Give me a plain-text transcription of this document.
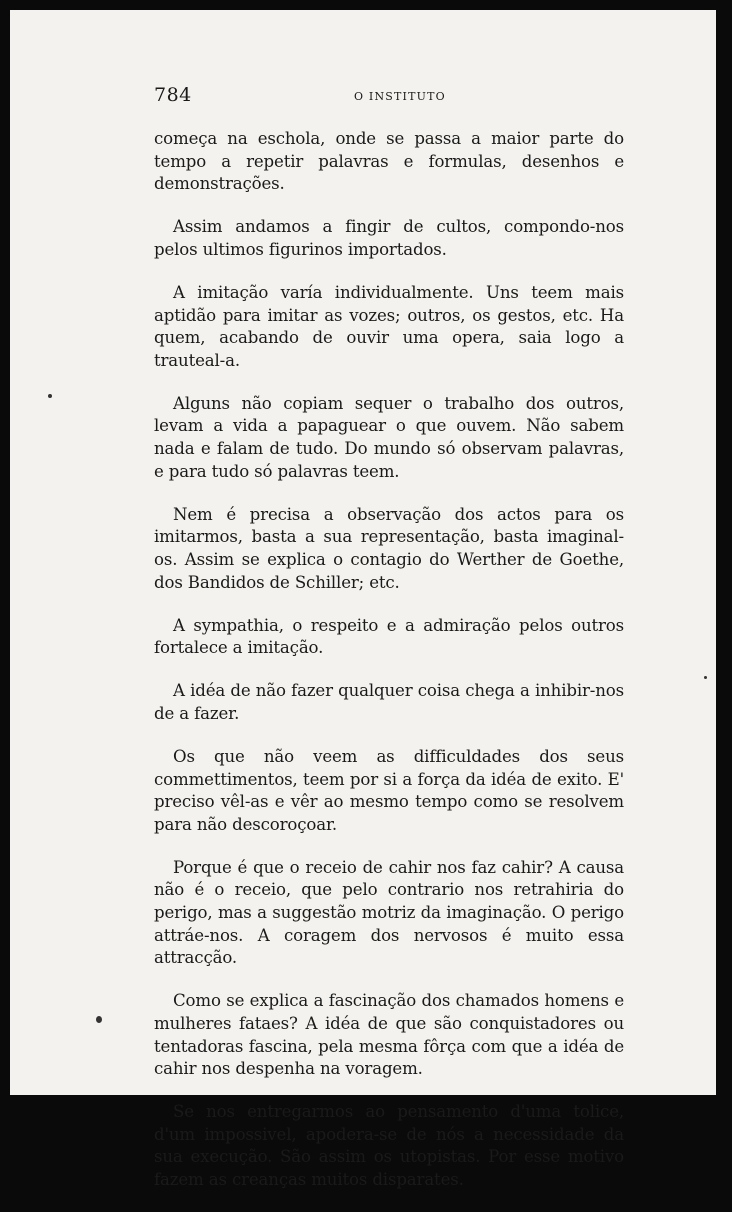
784	O INSTITUTO

começa na eschola, onde se passa a maior parte do tempo a repetir palavras e formulas, desenhos e demonstrações.

Assim andamos a fingir de cultos, compondo-nos pelos ultimos figurinos importados.

A imitação varía individualmente. Uns teem mais aptidão para imitar as vozes; outros, os gestos, etc. Ha quem, acabando de ouvir uma opera, saia logo a trauteal-a.

Alguns não copiam sequer o trabalho dos outros, levam a vida a papaguear o que ouvem. Não sabem nada e falam de tudo. Do mundo só observam palavras, e para tudo só palavras teem.

Nem é precisa a observação dos actos para os imitarmos, basta a sua representação, basta imaginal-os. Assim se explica o contagio do Werther de Goethe, dos Bandidos de Schiller; etc.

A sympathia, o respeito e a admiração pelos outros fortalece a imitação.

A idéa de não fazer qualquer coisa chega a inhibir-nos de a fazer.

Os que não veem as difficuldades dos seus commettimentos, teem por si a força da idéa de exito. E' preciso vêl-as e vêr ao mesmo tempo como se resolvem para não descoroçoar.

Porque é que o receio de cahir nos faz cahir? A causa não é o receio, que pelo contrario nos retrahiria do perigo, mas a suggestão motriz da imaginação. O perigo attráe-nos. A coragem dos nervosos é muito essa attracção.

Como se explica a fascinação dos chamados homens e mulheres fataes? A idéa de que são conquistadores ou tentadoras fascina, pela mesma fôrça com que a idéa de cahir nos despenha na voragem.

Se nos entregarmos ao pensamento d'uma tolice, d'um impossivel, apodera-se de nós a necessidade da sua execução. São assim os utopistas. Por esse motivo fazem as creanças muitos disparates.
